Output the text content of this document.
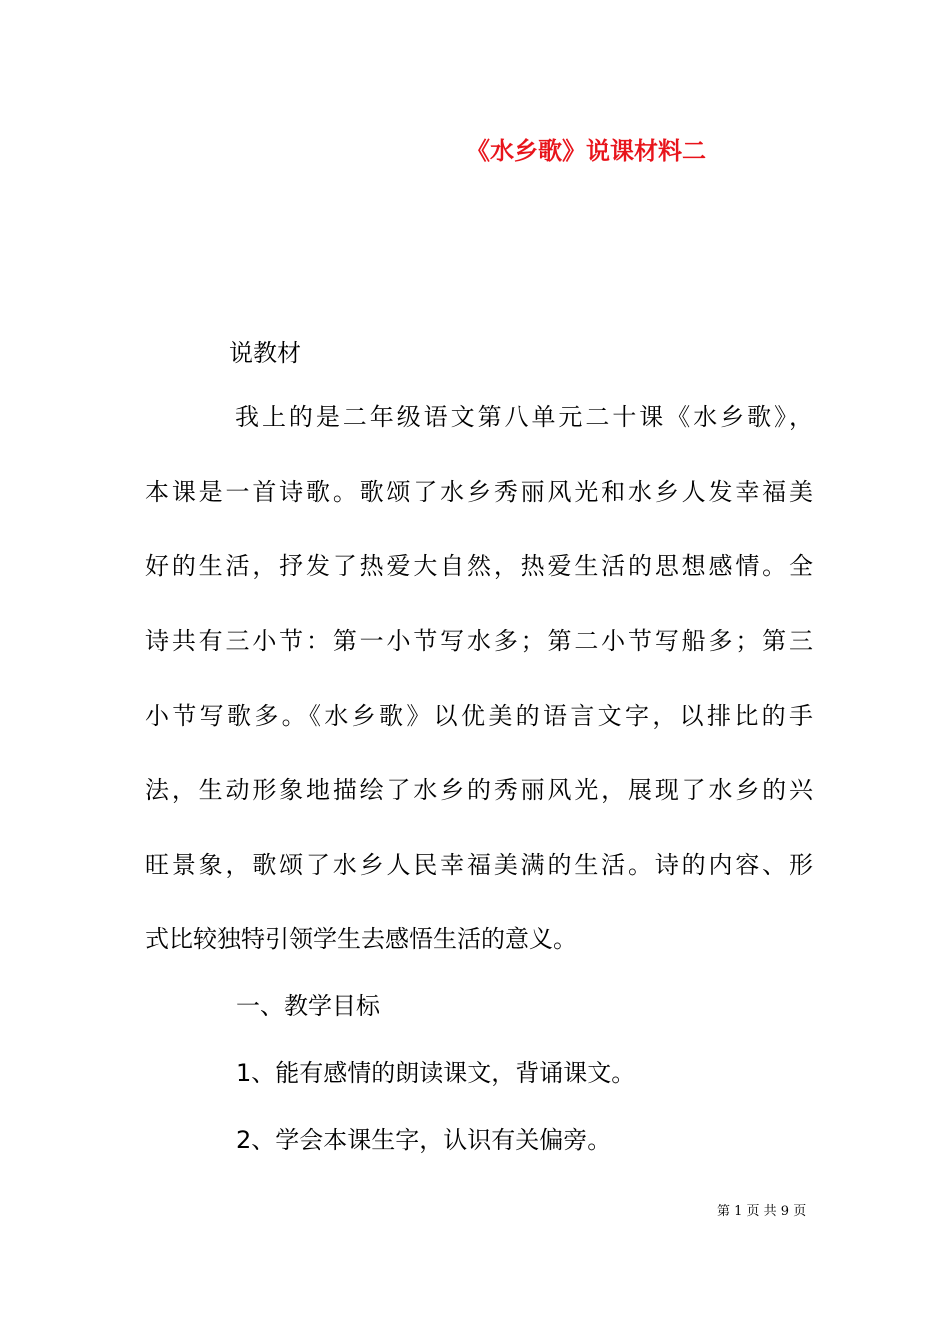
《水乡歌》说课材料二
说教材
我上的是二年级语文第八单元二十课《水乡歌》，
本课是一首诗歌。歌颂了水乡秀丽风光和水乡人发幸福美
好的生活，抒发了热爱大自然，热爱生活的思想感情。全
诗共有三小节：第一小节写水多；第二小节写船多；第三
小节写歌多。《水乡歌》以优美的语言文字，以排比的手
法，生动形象地描绘了水乡的秀丽风光，展现了水乡的兴
旺景象，歌颂了水乡人民幸福美满的生活。诗的内容、形
式比较独特引领学生去感悟生活的意义。
一、教学目标
1、能有感情的朗读课文，背诵课文。
2、学会本课生字，认识有关偏旁。
第 1 页 共 9 页
